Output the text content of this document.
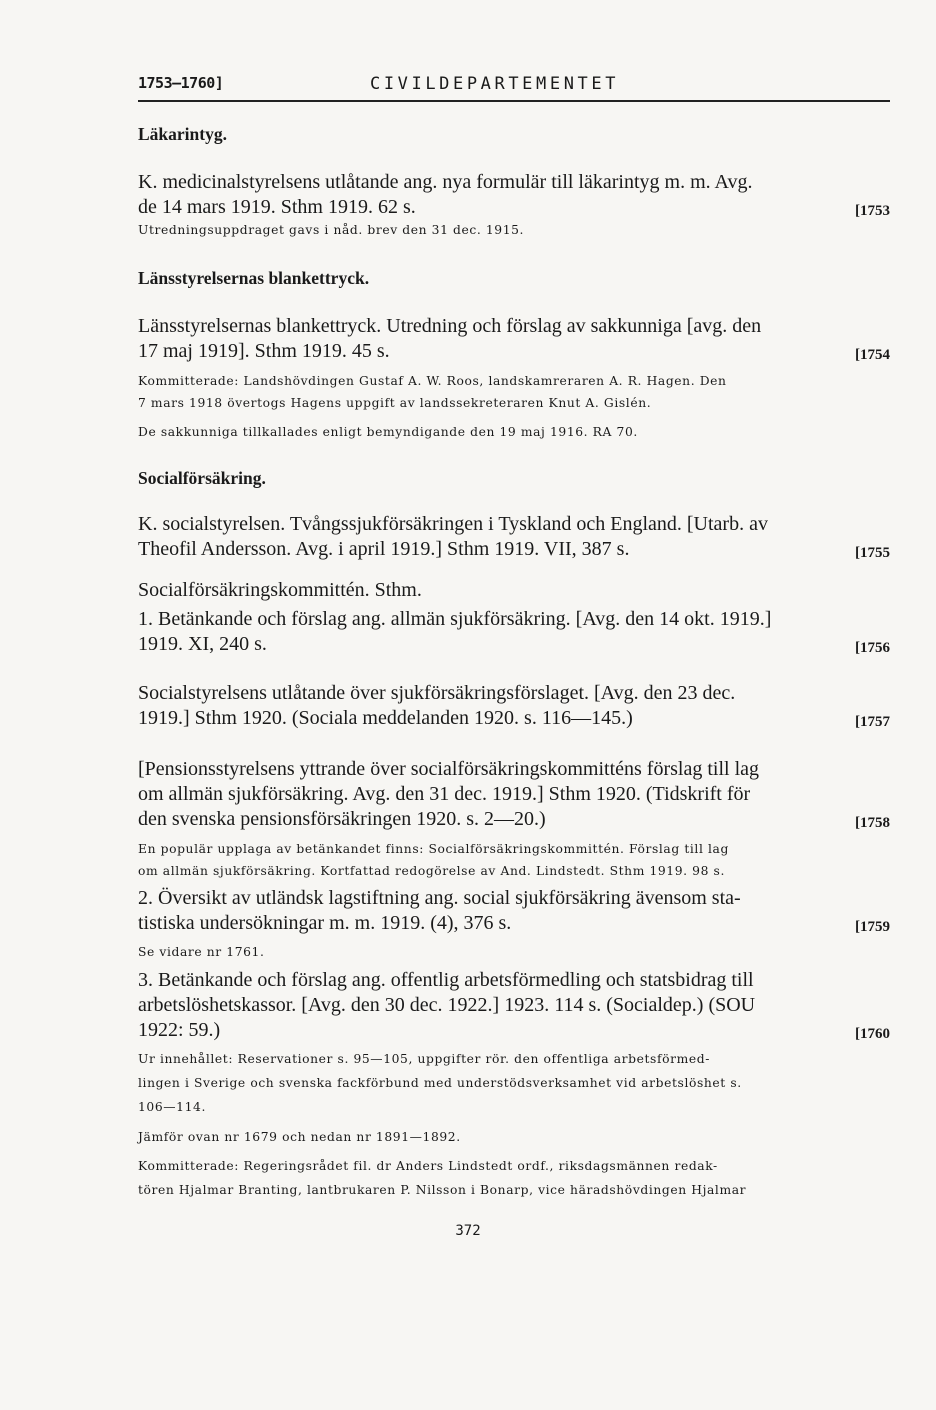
1753—1760]	CIVILDEPARTEMENTET
Läkarintyg.
K. medicinalstyrelsens utlåtande ang. nya formulär till läkarintyg m. m. Avg.
de 14 mars 1919. Sthm 1919. 62 s.	[1753
Utredningsuppdraget gavs i nåd. brev den 31 dec. 1915.
Länsstyrelsernas blankettryck.
Länsstyrelsernas blankettryck. Utredning och förslag av sakkunniga [avg. den
17 maj 1919]. Sthm 1919. 45 s.	[1754
Kommitterade: Landshövdingen Gustaf A. W. Roos, landskamreraren A. R. Hagen. Den
7 mars 1918 övertogs Hagens uppgift av landssekreteraren Knut A. Gislén.
De sakkunniga tillkallades enligt bemyndigande den 19 maj 1916. RA 70.
Socialförsäkring.
K. socialstyrelsen. Tvångssjukförsäkringen i Tyskland och England. [Utarb. av
Theofil Andersson. Avg. i april 1919.] Sthm 1919. VII, 387 s.	[1755
Socialförsäkringskommittén. Sthm.
1. Betänkande och förslag ang. allmän sjukförsäkring. [Avg. den 14 okt. 1919.]
1919. XI, 240 s.	[1756
Socialstyrelsens utlåtande över sjukförsäkringsförslaget. [Avg. den 23 dec.
1919.] Sthm 1920. (Sociala meddelanden 1920. s. 116—145.)	[1757
[Pensionsstyrelsens yttrande över socialförsäkringskommitténs förslag till lag
om allmän sjukförsäkring. Avg. den 31 dec. 1919.] Sthm 1920. (Tidskrift för
den svenska pensionsförsäkringen 1920. s. 2—20.)	[1758
En populär upplaga av betänkandet finns: Socialförsäkringskommittén. Förslag till lag
om allmän sjukförsäkring. Kortfattad redogörelse av And. Lindstedt. Sthm 1919. 98 s.
2. Översikt av utländsk lagstiftning ang. social sjukförsäkring ävensom sta-
tistiska undersökningar m. m. 1919. (4), 376 s.	[1759
Se vidare nr 1761.
3. Betänkande och förslag ang. offentlig arbetsförmedling och statsbidrag till
arbetslöshetskassor. [Avg. den 30 dec. 1922.] 1923. 114 s. (Socialdep.) (SOU
1922: 59.)	[1760
Ur innehållet: Reservationer s. 95—105, uppgifter rör. den offentliga arbetsförmed-
lingen i Sverige och svenska fackförbund med understödsverksamhet vid arbetslöshet s.
106—114.
Jämför ovan nr 1679 och nedan nr 1891—1892.
Kommitterade: Regeringsrådet fil. dr Anders Lindstedt ordf., riksdagsmännen redak-
tören Hjalmar Branting, lantbrukaren P. Nilsson i Bonarp, vice häradshövdingen Hjalmar
372
